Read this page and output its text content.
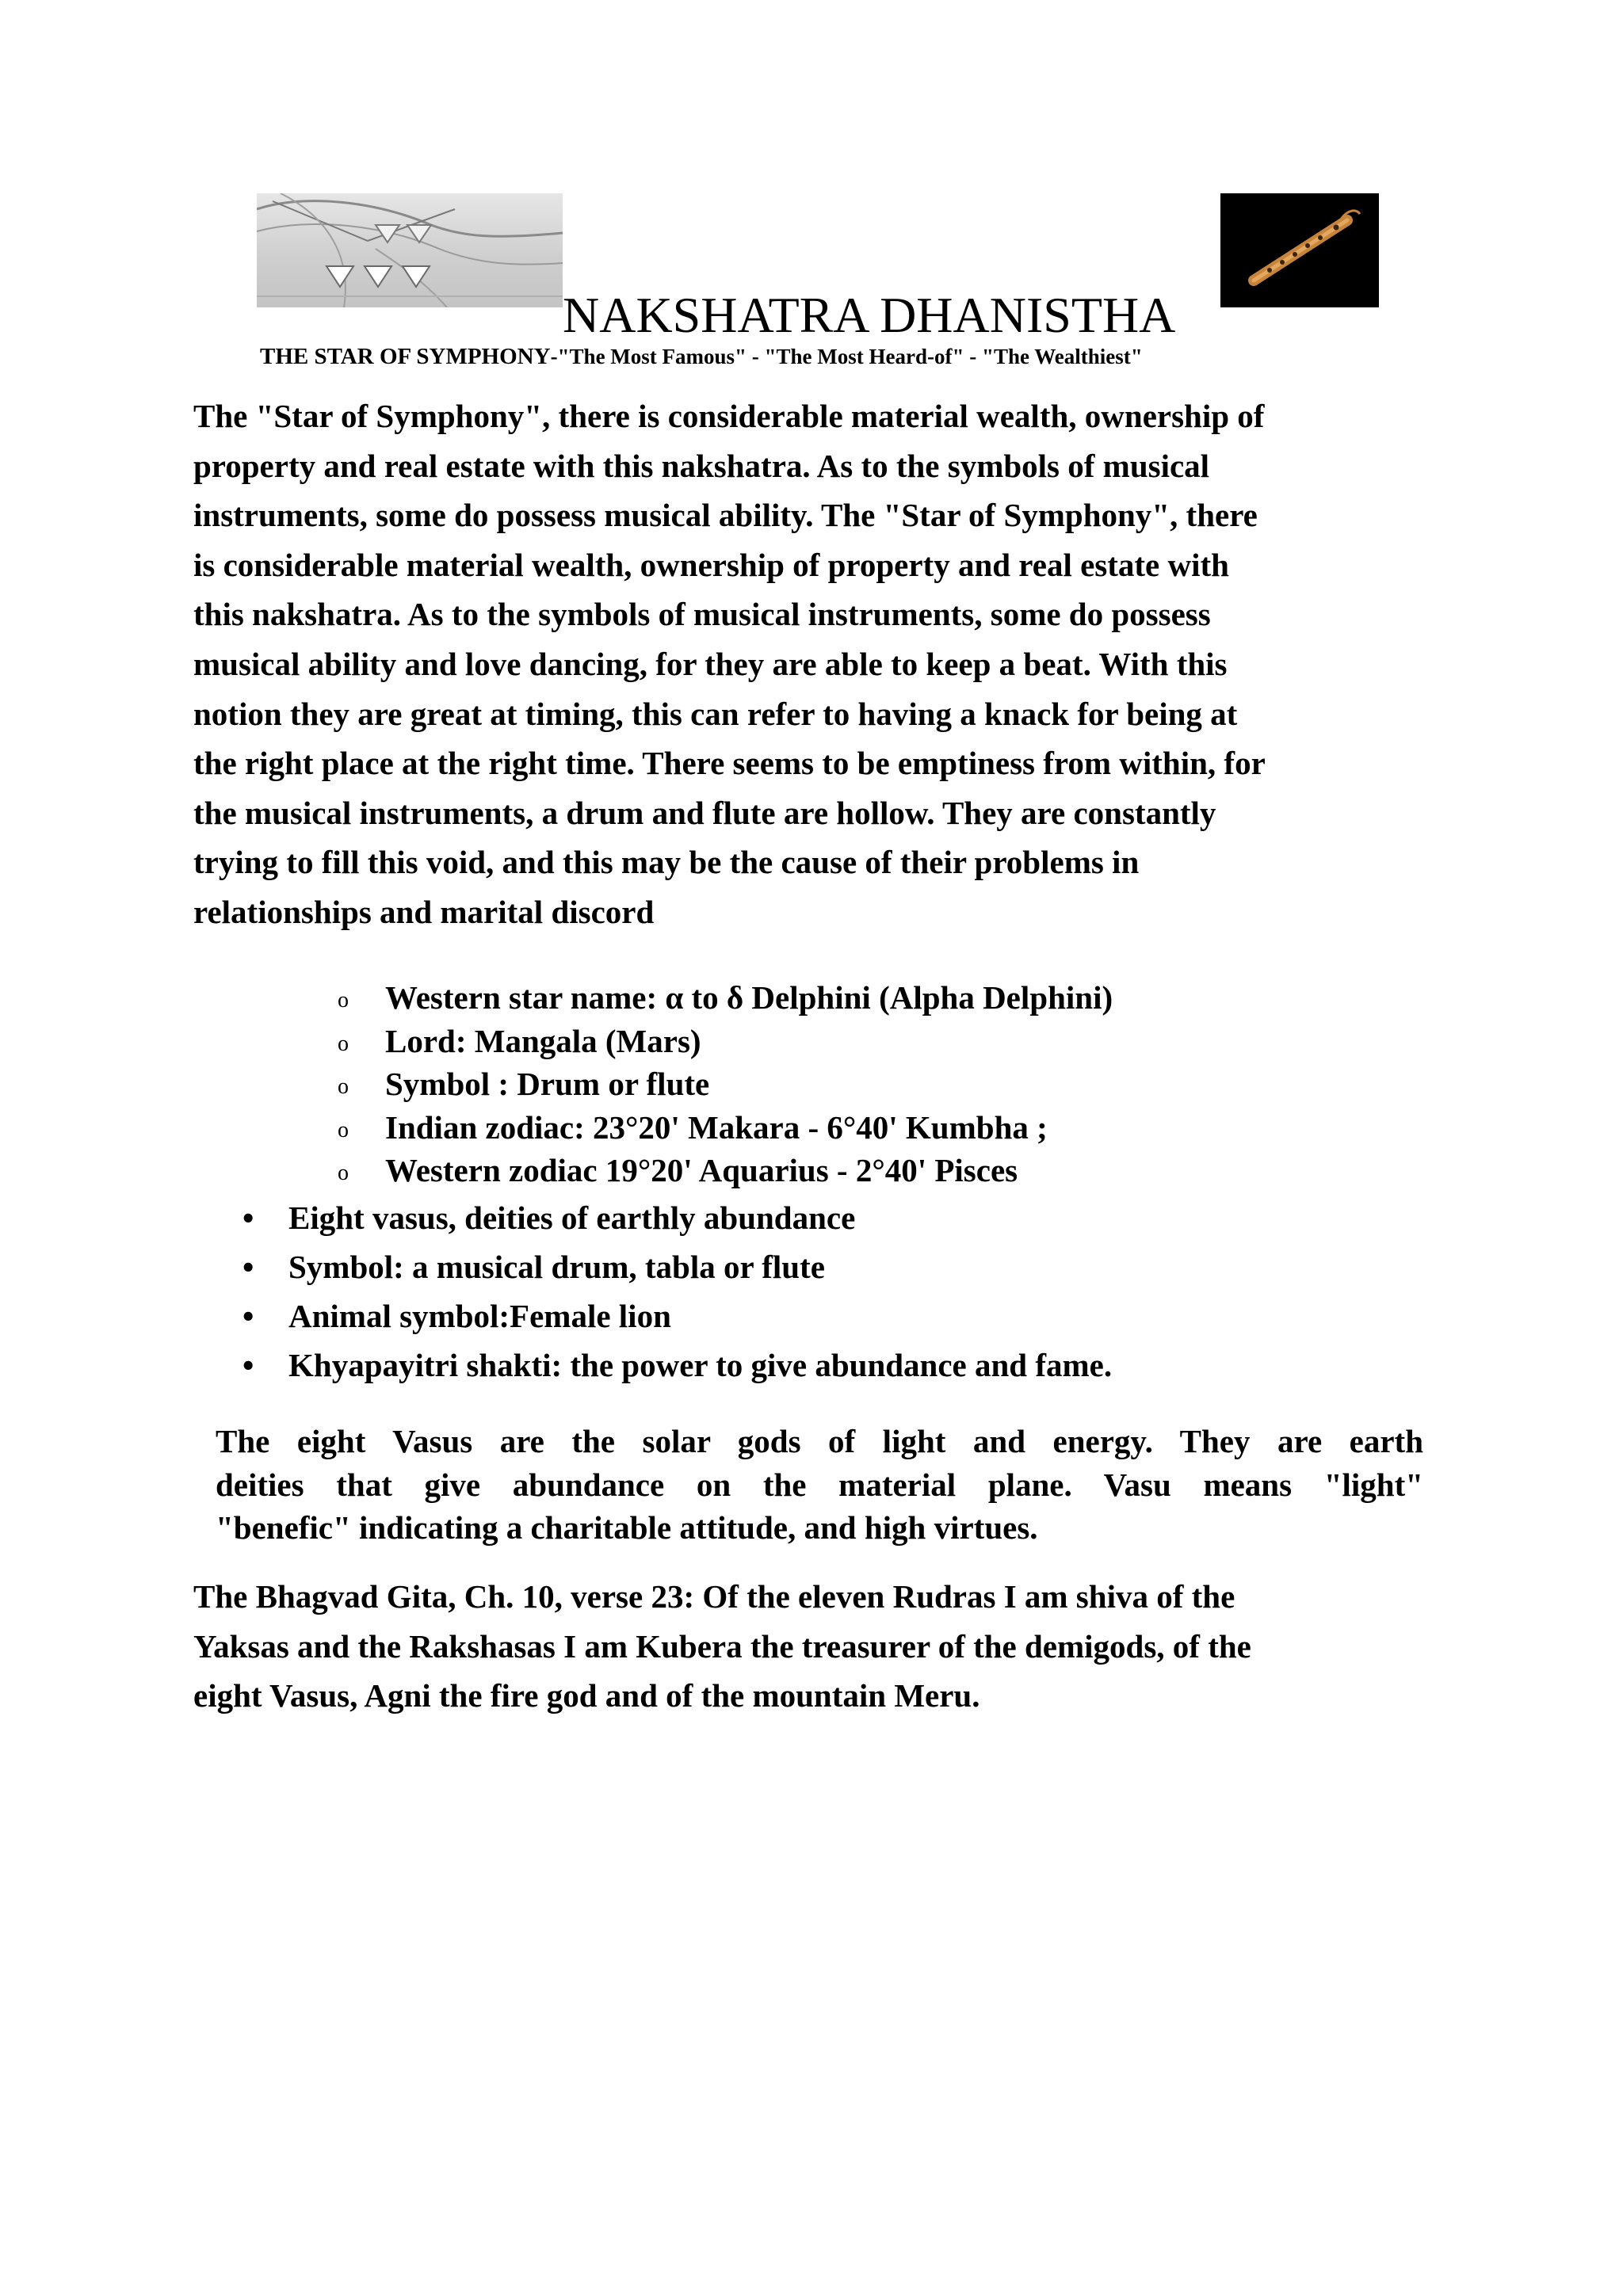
NAKSHATRA DHANISTHA
THE STAR OF SYMPHONY-"The Most Famous" - "The Most Heard-of" - "The Wealthiest"

The "Star of Symphony", there is considerable material wealth, ownership of
property and real estate with this nakshatra. As to the symbols of musical
instruments, some do possess musical ability. The "Star of Symphony", there
is considerable material wealth, ownership of property and real estate with
this nakshatra. As to the symbols of musical instruments, some do possess
musical ability and love dancing, for they are able to keep a beat. With this
notion they are great at timing, this can refer to having a knack for being at
the right place at the right time. There seems to be emptiness from within, for
the musical instruments, a drum and flute are hollow. They are constantly
trying to fill this void, and this may be the cause of their problems in
relationships and marital discord

o Western star name: α to δ Delphini (Alpha Delphini)
o Lord: Mangala (Mars)
o Symbol : Drum or flute
o Indian zodiac: 23°20' Makara - 6°40' Kumbha ;
o Western zodiac 19°20' Aquarius - 2°40' Pisces
• Eight vasus, deities of earthly abundance
• Symbol: a musical drum, tabla or flute
• Animal symbol:Female lion
• Khyapayitri shakti: the power to give abundance and fame.

The eight Vasus are the solar gods of light and energy. They are earth
deities that give abundance on the material plane. Vasu means "light"
"benefic" indicating a charitable attitude, and high virtues.

The Bhagvad Gita, Ch. 10, verse 23: Of the eleven Rudras I am shiva of the
Yaksas and the Rakshasas I am Kubera the treasurer of the demigods, of the
eight Vasus, Agni the fire god and of the mountain Meru.
